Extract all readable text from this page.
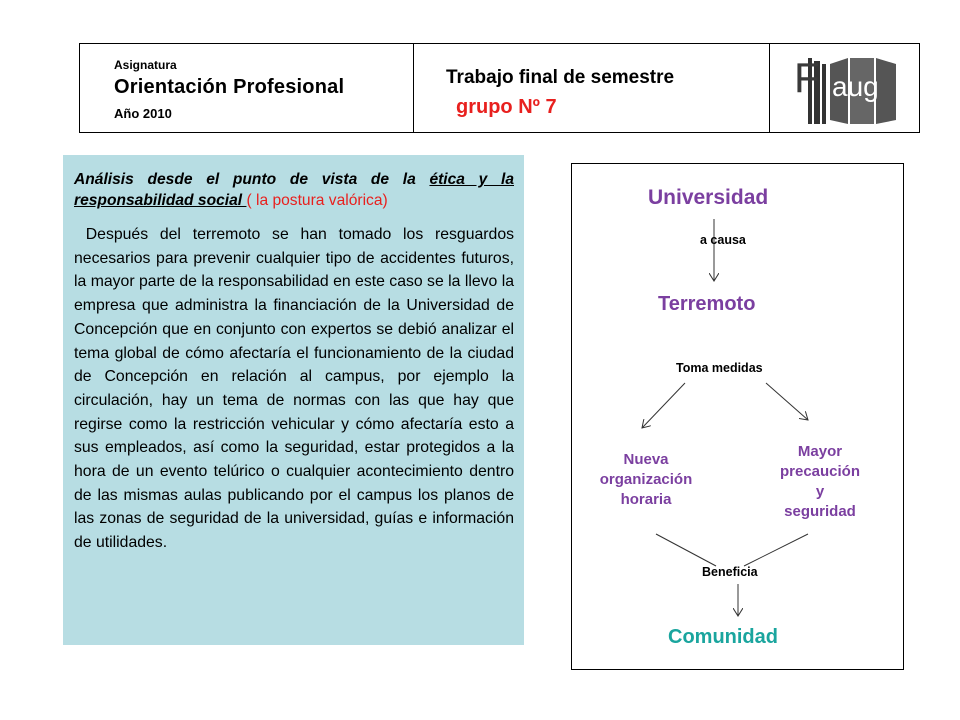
Asignatura
Orientación Profesional
Año 2010
Trabajo final de semestre
grupo Nº 7
F aug

Análisis desde el punto de vista de la ética y la responsabilidad social ( la postura valórica)

Después del terremoto se han tomado los resguardos necesarios para prevenir cualquier tipo de accidentes futuros, la mayor parte de la responsabilidad en este caso se la llevo la empresa que administra la financiación de la Universidad de Concepción que en conjunto con expertos se debió analizar el tema global de cómo afectaría el funcionamiento de la ciudad de Concepción en relación al campus, por ejemplo la circulación, hay un tema de normas con las que hay que regirse como la restricción vehicular y cómo afectaría esto a sus empleados, así como la seguridad, estar protegidos a la hora de un evento telúrico o cualquier acontecimiento dentro de las mismas aulas publicando por el campus los planos de las zonas de seguridad de la universidad, guías e información de utilidades.

Universidad
a causa
Terremoto
Toma medidas
Nueva
organización
horaria
Mayor
precaución
y
seguridad
Beneficia
Comunidad
